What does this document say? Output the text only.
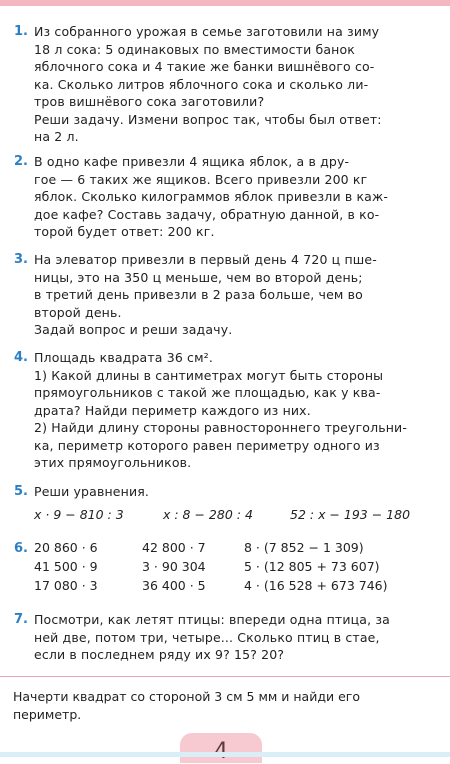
1. Из собранного урожая в семье заготовили на зиму

18 л сока: 5 одинаковых по вместимости банок

яблочного сока и 4 такие же банки вишнёвого со-

ка. Сколько литров яблочного сока и сколько ли-

тров вишнёвого сока заготовили?

Реши задачу. Измени вопрос так, чтобы был ответ:

на 2 л.

2. В одно кафе привезли 4 ящика яблок, а в дру-

гое — 6 таких же ящиков. Всего привезли 200 кг

яблок. Сколько килограммов яблок привезли в каж-

дое кафе? Составь задачу, обратную данной, в ко-

торой будет ответ: 200 кг.

3. На элеватор привезли в первый день 4 720 ц пше-

ницы, это на 350 ц меньше, чем во второй день;

в третий день привезли в 2 раза больше, чем во

второй день.

Задай вопрос и реши задачу.

4. Площадь квадрата 36 см².

1) Какой длины в сантиметрах могут быть стороны

прямоугольников с такой же площадью, как у ква-

драта? Найди периметр каждого из них.

2) Найди длину стороны равностороннего треугольни-

ка, периметр которого равен периметру одного из

этих прямоугольников.

5. Реши уравнения.

x · 9 − 810 : 3	x : 8 − 280 : 4	52 : x − 193 − 180
6. 20 860 · 6	42 800 · 7	8 · (7 852 − 1 309)
41 500 · 9	3 · 90 304	5 · (12 805 + 73 607)
17 080 · 3	36 400 · 5	4 · (16 528 + 673 746)
7. Посмотри, как летят птицы: впереди одна птица, за

ней две, потом три, четыре... Сколько птиц в стае,

если в последнем ряду их 9? 15? 20?

Начерти квадрат со стороной 3 см 5 мм и найди его
периметр.
